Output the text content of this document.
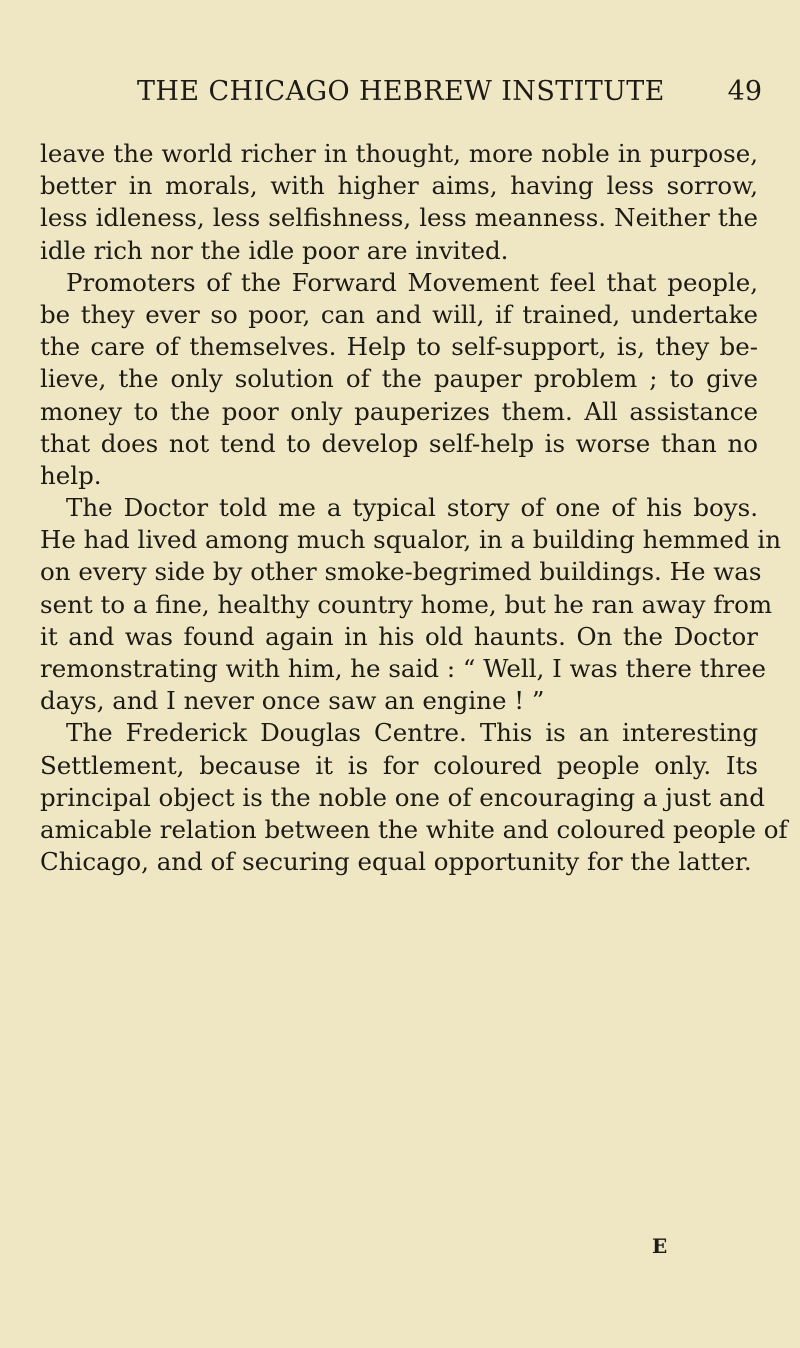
THE CHICAGO HEBREW INSTITUTE 49
leave the world richer in thought, more noble in purpose,
better in morals, with higher aims, having less sorrow,
less idleness, less selfishness, less meanness. Neither the
idle rich nor the idle poor are invited.
Promoters of the Forward Movement feel that people,
be they ever so poor, can and will, if trained, undertake
the care of themselves. Help to self-support, is, they be-
lieve, the only solution of the pauper problem ; to give
money to the poor only pauperizes them. All assistance
that does not tend to develop self-help is worse than no
help.
The Doctor told me a typical story of one of his boys.
He had lived among much squalor, in a building hemmed in
on every side by other smoke-begrimed buildings. He was
sent to a fine, healthy country home, but he ran away from
it and was found again in his old haunts. On the Doctor
remonstrating with him, he said : “ Well, I was there three
days, and I never once saw an engine ! ”
The Frederick Douglas Centre. This is an interesting
Settlement, because it is for coloured people only. Its
principal object is the noble one of encouraging a just and
amicable relation between the white and coloured people of
Chicago, and of securing equal opportunity for the latter.
E
